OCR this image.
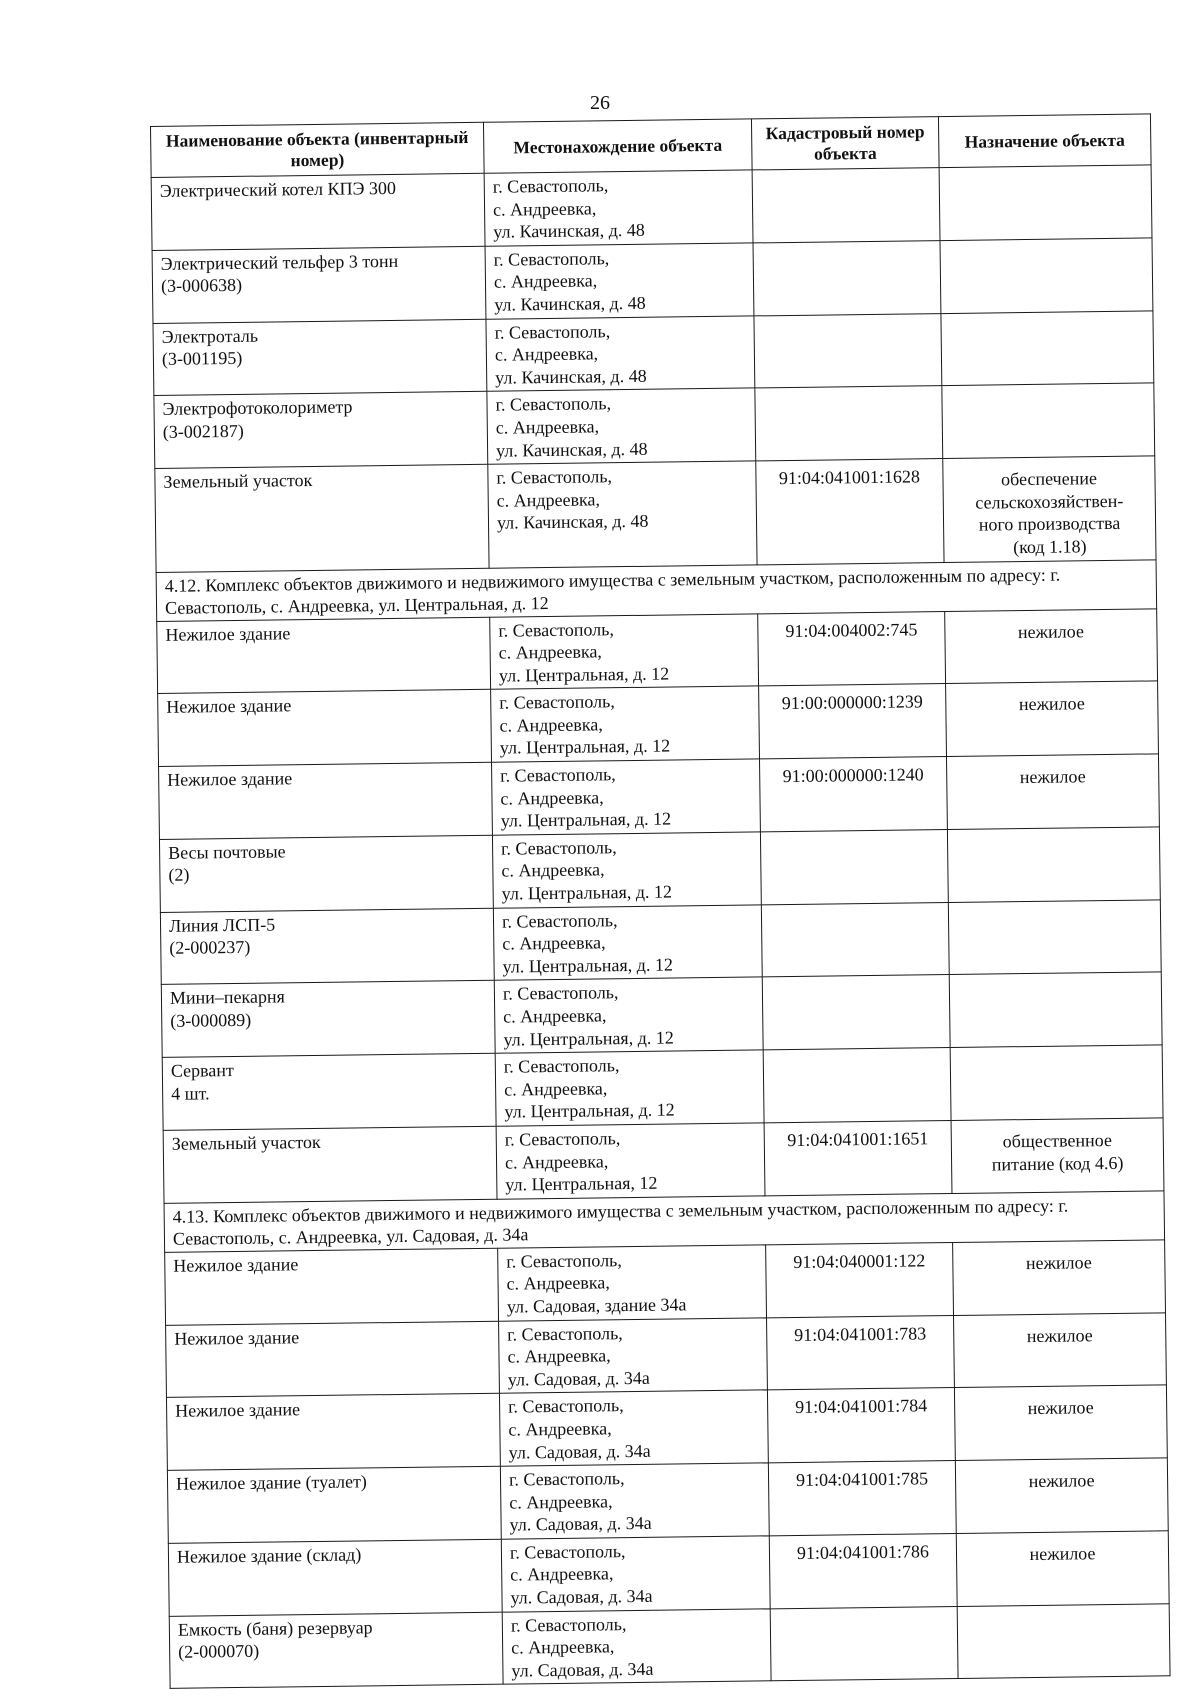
26
Наименование объекта (инвентарный номер)	Местонахождение объекта	Кадастровый номер объекта	Назначение объекта
Электрический котел КПЭ 300	г. Севастополь,
с. Андреевка,
ул. Качинская, д. 48		
Электрический тельфер 3 тонн
(3-000638)	г. Севастополь,
с. Андреевка,
ул. Качинская, д. 48		
Электроталь
(3-001195)	г. Севастополь,
с. Андреевка,
ул. Качинская, д. 48		
Электрофотоколориметр
(3-002187)	г. Севастополь,
с. Андреевка,
ул. Качинская, д. 48		
Земельный участок	г. Севастополь,
с. Андреевка,
ул. Качинская, д. 48	91:04:041001:1628	обеспечение
сельскохозяйствен-
ного производства
(код 1.18)
4.12. Комплекс объектов движимого и недвижимого имущества с земельным участком, расположенным по адресу: г. Севастополь, с. Андреевка, ул. Центральная, д. 12			
Нежилое здание	г. Севастополь,
с. Андреевка,
ул. Центральная, д. 12	91:04:004002:745	нежилое
Нежилое здание	г. Севастополь,
с. Андреевка,
ул. Центральная, д. 12	91:00:000000:1239	нежилое
Нежилое здание	г. Севастополь,
с. Андреевка,
ул. Центральная, д. 12	91:00:000000:1240	нежилое
Весы почтовые
(2)	г. Севастополь,
с. Андреевка,
ул. Центральная, д. 12		
Линия ЛСП-5
(2-000237)	г. Севастополь,
с. Андреевка,
ул. Центральная, д. 12		
Мини–пекарня
(3-000089)	г. Севастополь,
с. Андреевка,
ул. Центральная, д. 12		
Сервант
4 шт.	г. Севастополь,
с. Андреевка,
ул. Центральная, д. 12		
Земельный участок	г. Севастополь,
с. Андреевка,
ул. Центральная, 12	91:04:041001:1651	общественное
питание (код 4.6)
4.13. Комплекс объектов движимого и недвижимого имущества с земельным участком, расположенным по адресу: г. Севастополь, с. Андреевка, ул. Садовая, д. 34а			
Нежилое здание	г. Севастополь,
с. Андреевка,
ул. Садовая, здание 34а	91:04:040001:122	нежилое
Нежилое здание	г. Севастополь,
с. Андреевка,
ул. Садовая, д. 34а	91:04:041001:783	нежилое
Нежилое здание	г. Севастополь,
с. Андреевка,
ул. Садовая, д. 34а	91:04:041001:784	нежилое
Нежилое здание (туалет)	г. Севастополь,
с. Андреевка,
ул. Садовая, д. 34а	91:04:041001:785	нежилое
Нежилое здание (склад)	г. Севастополь,
с. Андреевка,
ул. Садовая, д. 34а	91:04:041001:786	нежилое
Емкость (баня) резервуар
(2-000070)	г. Севастополь,
с. Андреевка,
ул. Садовая, д. 34а		
